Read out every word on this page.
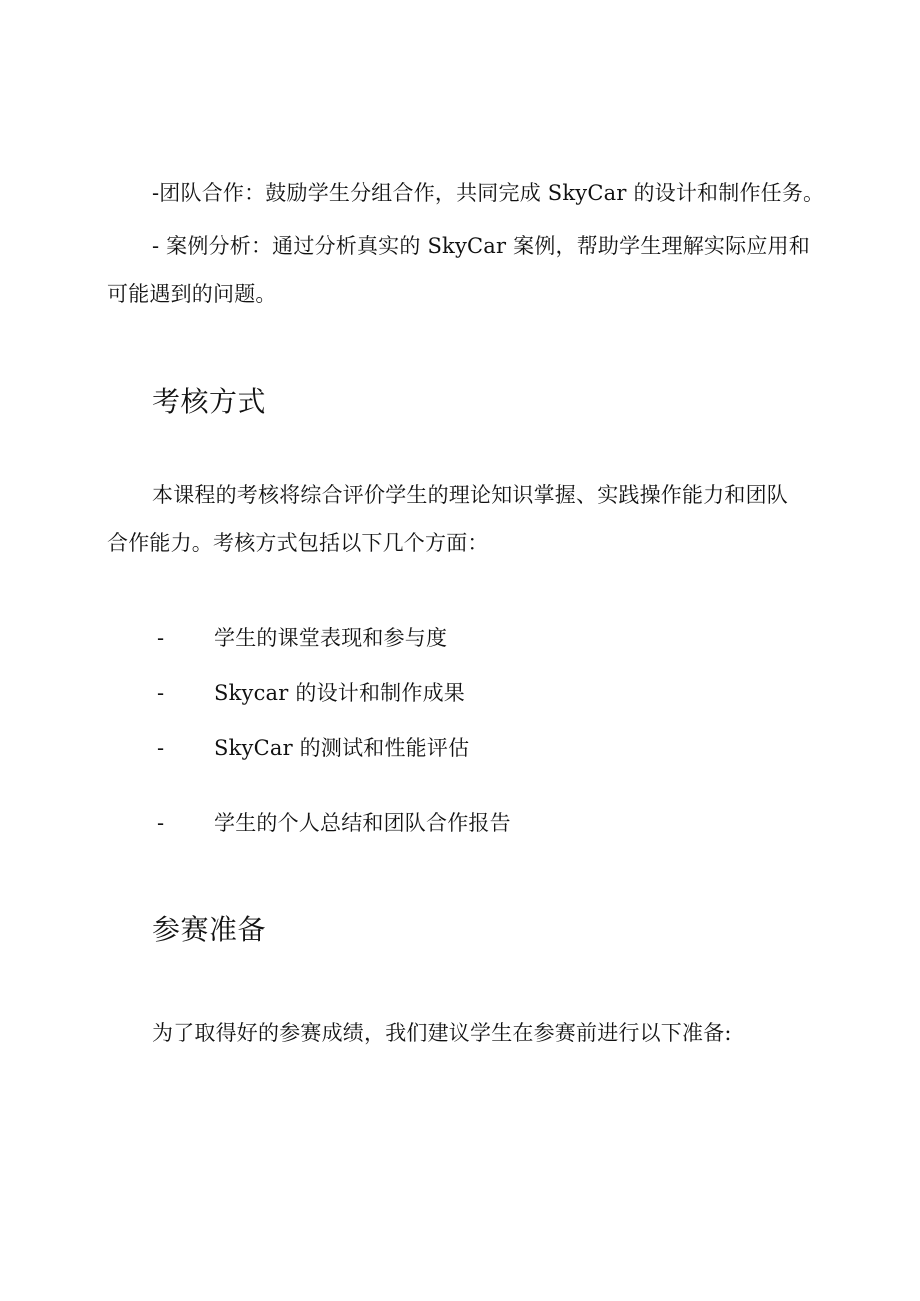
-团队合作：鼓励学生分组合作，共同完成 SkyCar 的设计和制作任务。
- 案例分析：通过分析真实的 SkyCar 案例，帮助学生理解实际应用和
可能遇到的问题。
考核方式
本课程的考核将综合评价学生的理论知识掌握、实践操作能力和团队
合作能力。考核方式包括以下几个方面：
- 学生的课堂表现和参与度
- Skycar 的设计和制作成果
- SkyCar 的测试和性能评估
- 学生的个人总结和团队合作报告
参赛准备
为了取得好的参赛成绩，我们建议学生在参赛前进行以下准备:
